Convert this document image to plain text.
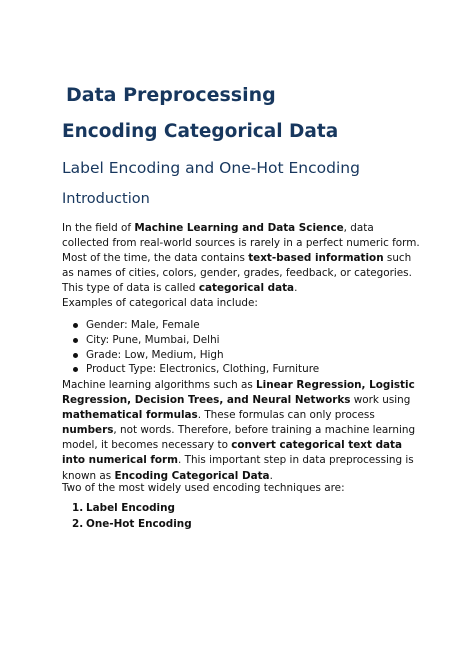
Data Preprocessing
Encoding Categorical Data
Label Encoding and One-Hot Encoding
Introduction

In the field of Machine Learning and Data Science, data collected from real-world sources is rarely in a perfect numeric form. Most of the time, the data contains text-based information such as names of cities, colors, gender, grades, feedback, or categories. This type of data is called categorical data.

Examples of categorical data include:

Gender: Male, Female
City: Pune, Mumbai, Delhi
Grade: Low, Medium, High
Product Type: Electronics, Clothing, Furniture

Machine learning algorithms such as Linear Regression, Logistic Regression, Decision Trees, and Neural Networks work using mathematical formulas. These formulas can only process numbers, not words. Therefore, before training a machine learning model, it becomes necessary to convert categorical text data into numerical form. This important step in data preprocessing is known as Encoding Categorical Data.

Two of the most widely used encoding techniques are:

1. Label Encoding
2. One-Hot Encoding
